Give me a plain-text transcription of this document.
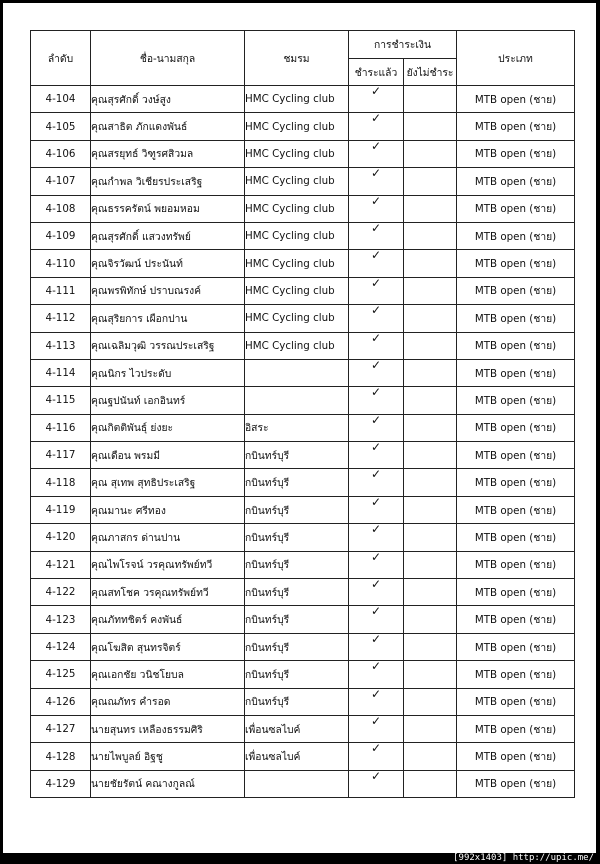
ลำดับ	ชื่อ-นามสกุล	ชมรม	การชำระเงิน		ประเภท
			ชำระแล้ว	ยังไม่ชำระ	
4-104	คุณสุรศักดิ์ วงษ์สูง	HMC Cycling club	✓		MTB open (ชาย)
4-105	คุณสาธิต ภักแดงพันธ์	HMC Cycling club	✓		MTB open (ชาย)
4-106	คุณสรยุทธ์ วิฑูรศสิวมล	HMC Cycling club	✓		MTB open (ชาย)
4-107	คุณกำพล วิเชียรประเสริฐ	HMC Cycling club	✓		MTB open (ชาย)
4-108	คุณธรรครัตน์ พยอมหอม	HMC Cycling club	✓		MTB open (ชาย)
4-109	คุณสุรศักดิ์ แสวงทรัพย์	HMC Cycling club	✓		MTB open (ชาย)
4-110	คุณจิรวัฒน์ ประนันท์	HMC Cycling club	✓		MTB open (ชาย)
4-111	คุณพรพิทักษ์ ปราบณรงค์	HMC Cycling club	✓		MTB open (ชาย)
4-112	คุณสุริยการ เผือกปาน	HMC Cycling club	✓		MTB open (ชาย)
4-113	คุณเฉลิมวุฒิ วรรณประเสริฐ	HMC Cycling club	✓		MTB open (ชาย)
4-114	คุณนิกร ไวประดับ		✓		MTB open (ชาย)
4-115	คุณฐปนันท์ เอกอินทร์		✓		MTB open (ชาย)
4-116	คุณกิตติพันธุ์ ย่งยะ	อิสระ	✓		MTB open (ชาย)
4-117	คุณเดือน พรมมี	กบินทร์บุรี	✓		MTB open (ชาย)
4-118	คุณ สุเทพ สุทธิประเสริฐ	กบินทร์บุรี	✓		MTB open (ชาย)
4-119	คุณมานะ ศรีทอง	กบินทร์บุรี	✓		MTB open (ชาย)
4-120	คุณภาสกร ด่านปาน	กบินทร์บุรี	✓		MTB open (ชาย)
4-121	คุณไพโรจน์ วรคุณทรัพย์ทวี	กบินทร์บุรี	✓		MTB open (ชาย)
4-122	คุณสทโชค วรคุณทรัพย์ทวี	กบินทร์บุรี	✓		MTB open (ชาย)
4-123	คุณภัททชิตร์ คงพันธ์	กบินทร์บุรี	✓		MTB open (ชาย)
4-124	คุณโฆสิต สุนทรจิตร์	กบินทร์บุรี	✓		MTB open (ชาย)
4-125	คุณเอกชัย วนิชโยบล	กบินทร์บุรี	✓		MTB open (ชาย)
4-126	คุณณภัทร คำรอด	กบินทร์บุรี	✓		MTB open (ชาย)
4-127	นายสุนทร เหลืองธรรมศิริ	เพื่อนซลไบค์	✓		MTB open (ชาย)
4-128	นายไพบูลย์ อิฐชู	เพื่อนซลไบค์	✓		MTB open (ชาย)
4-129	นายชัยรัตน์ คณางกูลณ์		✓		MTB open (ชาย)
[992x1403] http://upic.me/
